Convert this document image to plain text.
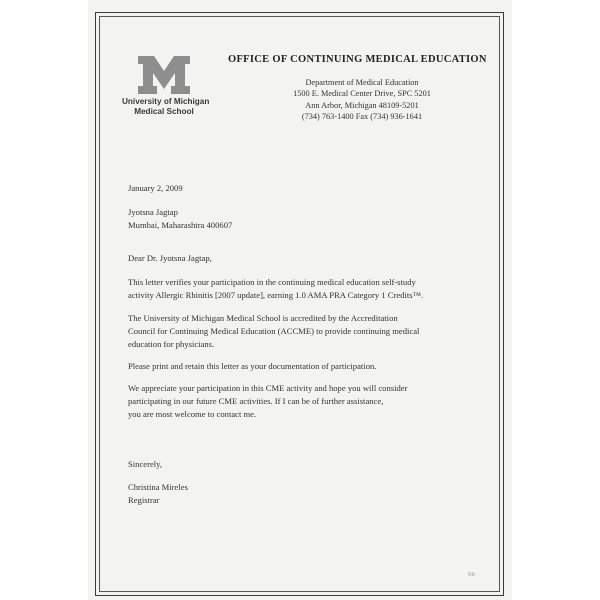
University of Michigan
Medical School
OFFICE OF CONTINUING MEDICAL EDUCATION
Department of Medical Education
1500 E. Medical Center Drive, SPC 5201
Ann Arbor, Michigan 48109-5201
(734) 763-1400 Fax (734) 936-1641
January 2, 2009
Jyotsna Jagtap
Mumbai, Maharashtra 400607
Dear Dr. Jyotsna Jagtap,
This letter verifies your participation in the continuing medical education self-study
activity Allergic Rhinitis [2007 update], earning 1.0 AMA PRA Category 1 Credits™.
The University of Michigan Medical School is accredited by the Accreditation
Council for Continuing Medical Education (ACCME) to provide continuing medical
education for physicians.
Please print and retain this letter as your documentation of participation.
We appreciate your participation in this CME activity and hope you will consider
participating in our future CME activities. If I can be of further assistance,
you are most welcome to contact me.
Sincerely,
Christina Mireles
Registrar
Mr
